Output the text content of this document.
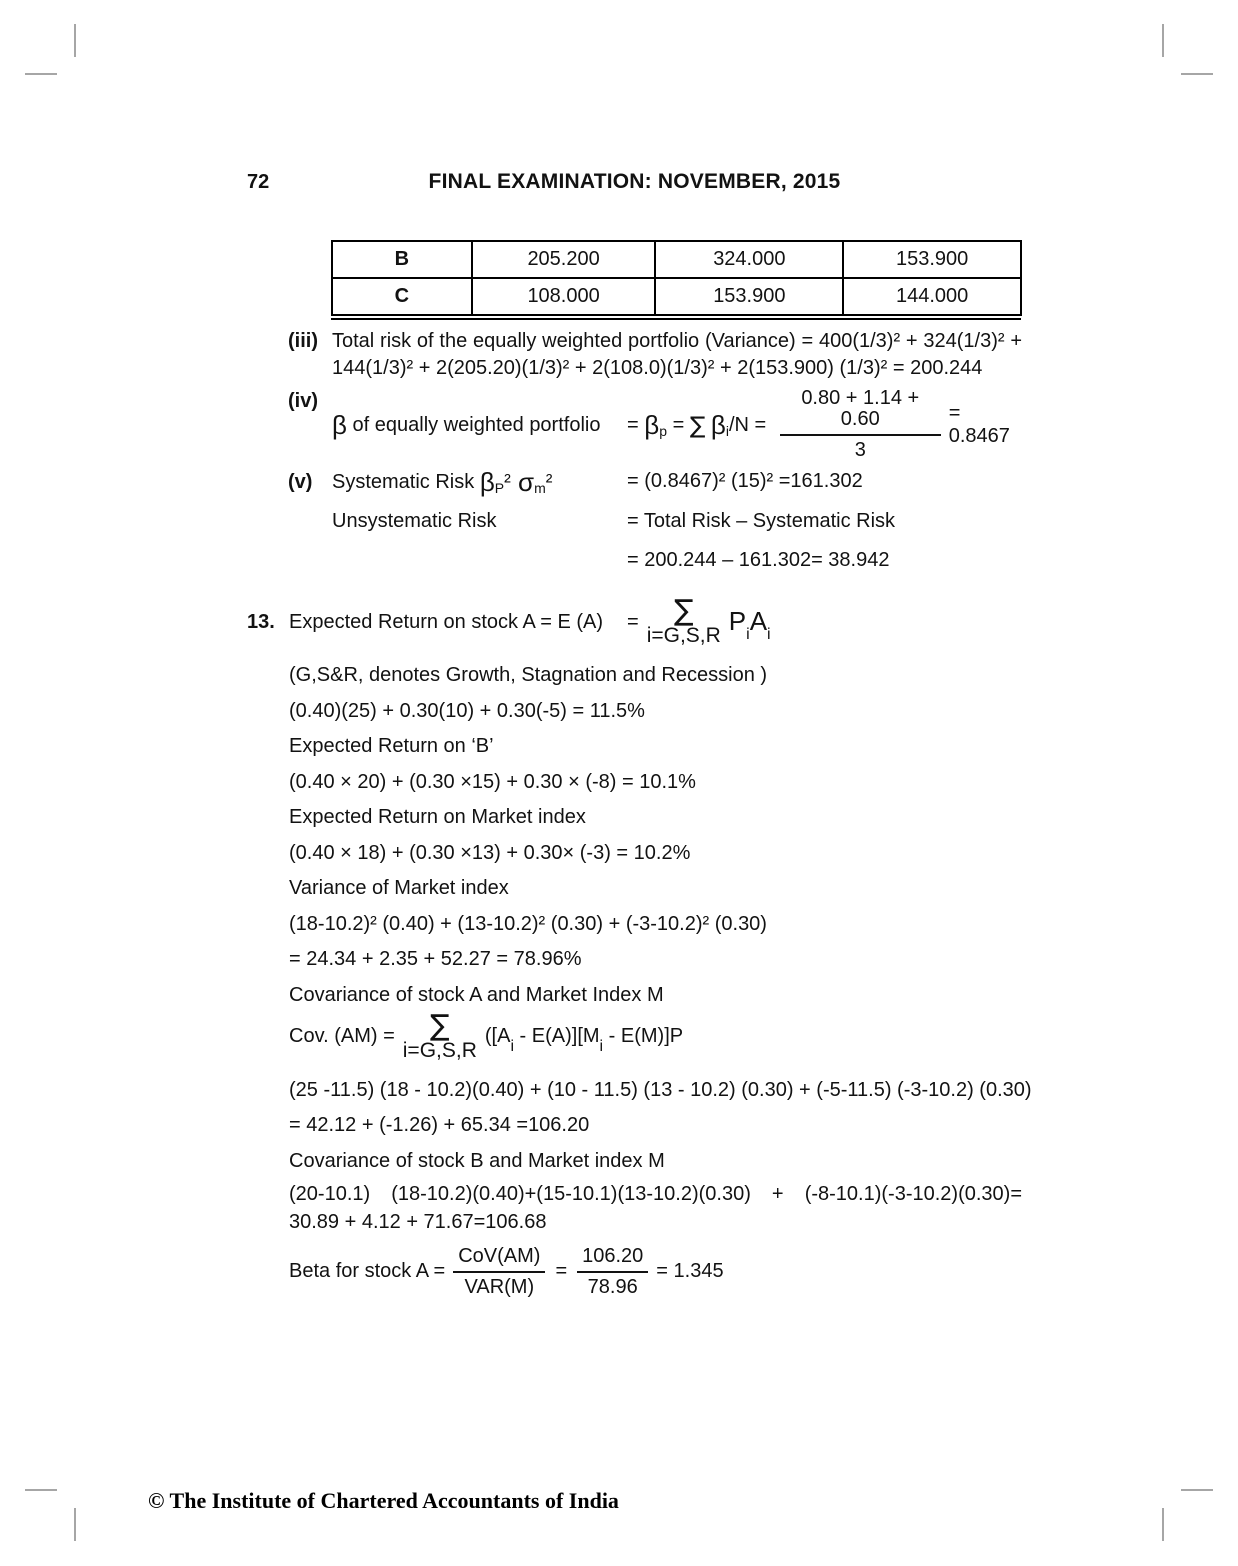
72	FINAL EXAMINATION: NOVEMBER, 2015
B	205.200	324.000	153.900
C	108.000	153.900	144.000
(iii) Total risk of the equally weighted portfolio (Variance) = 400(1/3)² + 324(1/3)² + 144(1/3)² + 2(205.20)(1/3)² + 2(108.0)(1/3)² + 2(153.900) (1/3)² = 200.244

(iv)
β of equally weighted portfolio	= $\beta_p$ = ∑ $\beta_i/N = \frac{0.80 + 1.14 + 0.60}{3} = 0.8467$
(v) Systematic Risk $\beta_P^2$ $\sigma_m^2$	= (0.8467)² (15)² =161.302
Unsystematic Risk	= Total Risk – Systematic Risk
= 200.244 – 161.302= 38.942
13. Expected Return on stock A = E (A)	= ∑
i=G,S,R $P_iA_i$

(G,S&R, denotes Growth, Stagnation and Recession )

(0.40)(25) + 0.30(10) + 0.30(-5) = 11.5%

Expected Return on ‘B’

(0.40 × 20) + (0.30 ×15) + 0.30 × (-8) = 10.1%

Expected Return on Market index

(0.40 × 18) + (0.30 ×13) + 0.30× (-3) = 10.2%

Variance of Market index

(18-10.2)² (0.40) + (13-10.2)² (0.30) + (-3-10.2)² (0.30)

= 24.34 + 2.35 + 52.27 = 78.96%

Covariance of stock A and Market Index M

Cov. (AM) = ∑
i=G,S,R
($[A_i - E(A)][M_i - E(M)]P$

(25 -11.5) (18 - 10.2)(0.40) + (10 - 11.5) (13 - 10.2) (0.30) + (-5-11.5) (-3-10.2) (0.30)

= 42.12 + (-1.26) + 65.34 =106.20

Covariance of stock B and Market index M

(20-10.1) (18-10.2)(0.40)+(15-10.1)(13-10.2)(0.30) + (-8-10.1)(-3-10.2)(0.30)= 30.89 + 4.12 + 71.67=106.68

Beta for stock $A = \frac{\text{CoV(AM)}}{\text{VAR(M)}} = \frac{106.20}{78.96} = 1.345$
© The Institute of Chartered Accountants of India
